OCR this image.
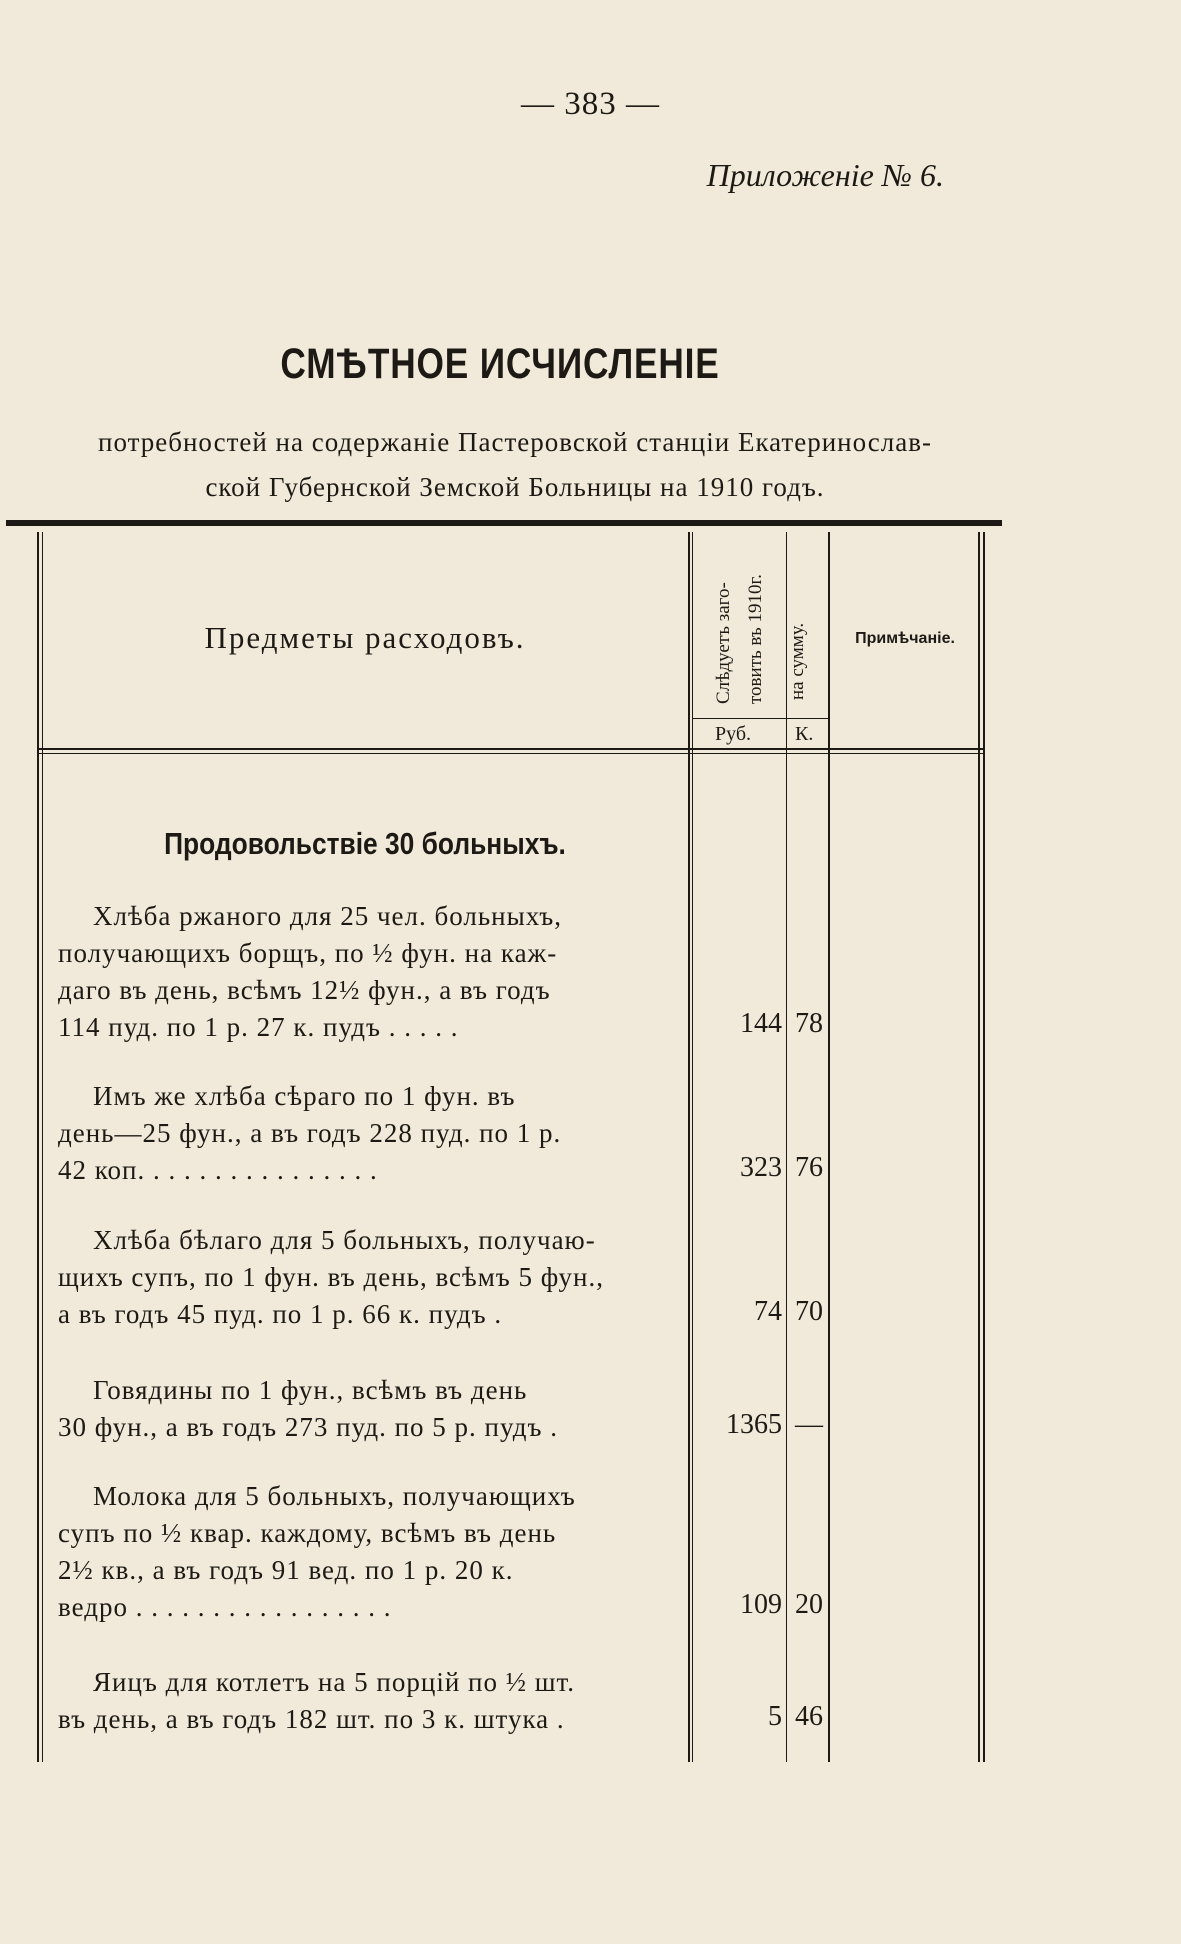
— 383 —
Приложеніе № 6.
СМѢТНОЕ ИСЧИСЛЕНІЕ
потребностей на содержаніе Пастеровской станціи Екатеринослав-
ской Губернской Земской Больницы на 1910 годъ.
Предметы расходовъ.	Слѣдуетъ заго- товить въ 1910г. на сумму.	Примѣчаніе.
Руб. К.
Продовольствіе 30 больныхъ.
Хлѣба ржаного для 25 чел. больныхъ,
получающихъ борщъ, по ½ фун. на каж-
даго въ день, всѣмъ 12½ фун., а въ годъ
114 пуд. по 1 р. 27 к. пудъ . . . . .	144 78
Имъ же хлѣба сѣраго по 1 фун. въ
день—25 фун., а въ годъ 228 пуд. по 1 р.
42 коп. . . . . . . . . . . . . . . .	323 76
Хлѣба бѣлаго для 5 больныхъ, получаю-
щихъ супъ, по 1 фун. въ день, всѣмъ 5 фун.,
а въ годъ 45 пуд. по 1 р. 66 к. пудъ .	74 70
Говядины по 1 фун., всѣмъ въ день
30 фун., а въ годъ 273 пуд. по 5 р. пудъ .	1365 —
Молока для 5 больныхъ, получающихъ
супъ по ½ квар. каждому, всѣмъ въ день
2½ кв., а въ годъ 91 вед. по 1 р. 20 к.
ведро . . . . . . . . . . . . . . . . .	109 20
Яицъ для котлетъ на 5 порцій по ½ шт.
въ день, а въ годъ 182 шт. по 3 к. штука .	5 46
